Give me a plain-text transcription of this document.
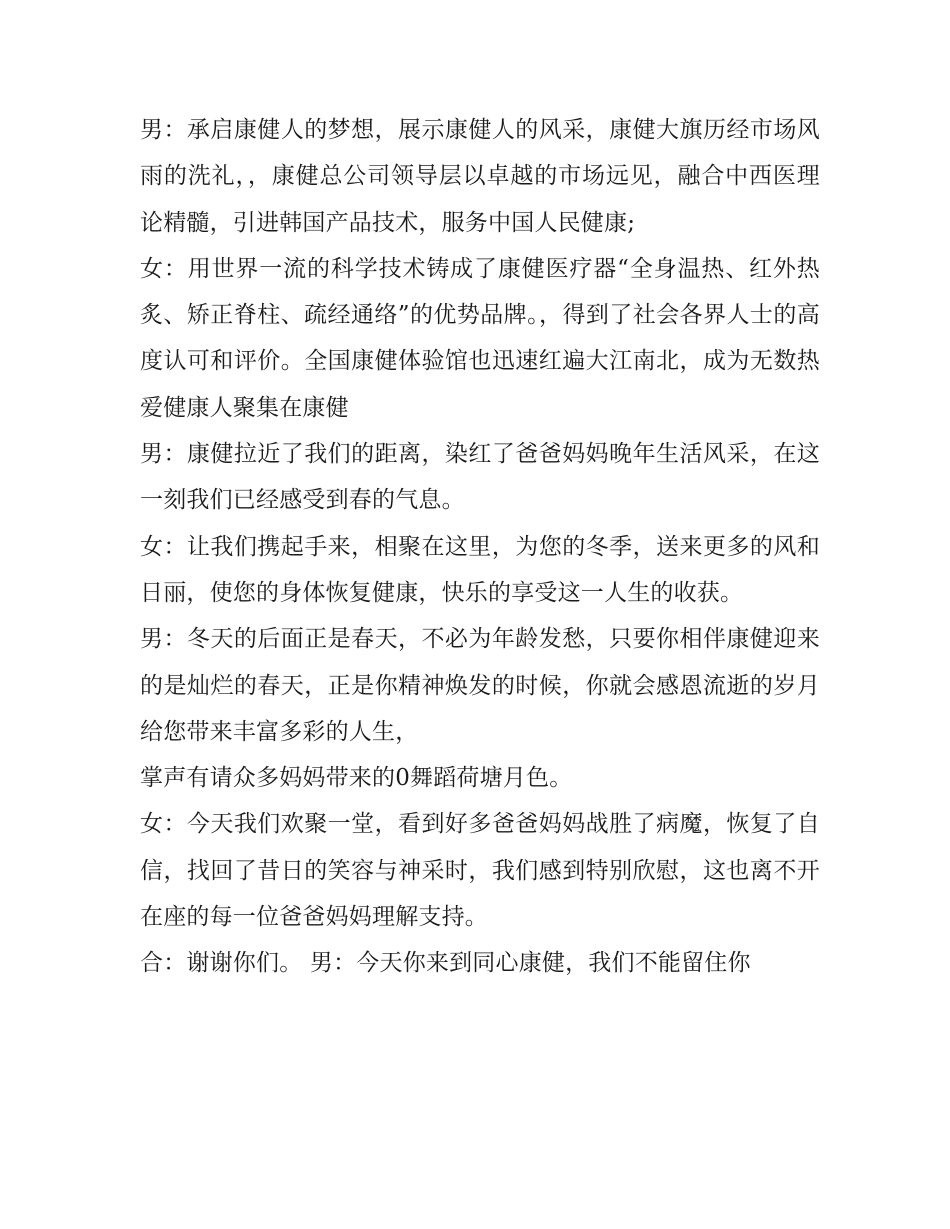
男：承启康健人的梦想，展示康健人的风采，康健大旗历经市场风雨的洗礼，，康健总公司领导层以卓越的市场远见，融合中西医理论精髓，引进韩国产品技术，服务中国人民健康;

女：用世界一流的科学技术铸成了康健医疗器“全身温热、红外热炙、矫正脊柱、疏经通络”的优势品牌。，得到了社会各界人士的高度认可和评价。全国康健体验馆也迅速红遍大江南北，成为无数热爱健康人聚集在康健

男：康健拉近了我们的距离，染红了爸爸妈妈晚年生活风采，在这一刻我们已经感受到春的气息。

女：让我们携起手来，相聚在这里，为您的冬季，送来更多的风和日丽，使您的身体恢复健康，快乐的享受这一人生的收获。

男：冬天的后面正是春天，不必为年龄发愁，只要你相伴康健迎来的是灿烂的春天，正是你精神焕发的时候，你就会感恩流逝的岁月给您带来丰富多彩的人生，

掌声有请众多妈妈带来的0舞蹈荷塘月色。

女：今天我们欢聚一堂，看到好多爸爸妈妈战胜了病魔，恢复了自信，找回了昔日的笑容与神采时，我们感到特别欣慰，这也离不开在座的每一位爸爸妈妈理解支持。

合：谢谢你们。 男：今天你来到同心康健，我们不能留住你
